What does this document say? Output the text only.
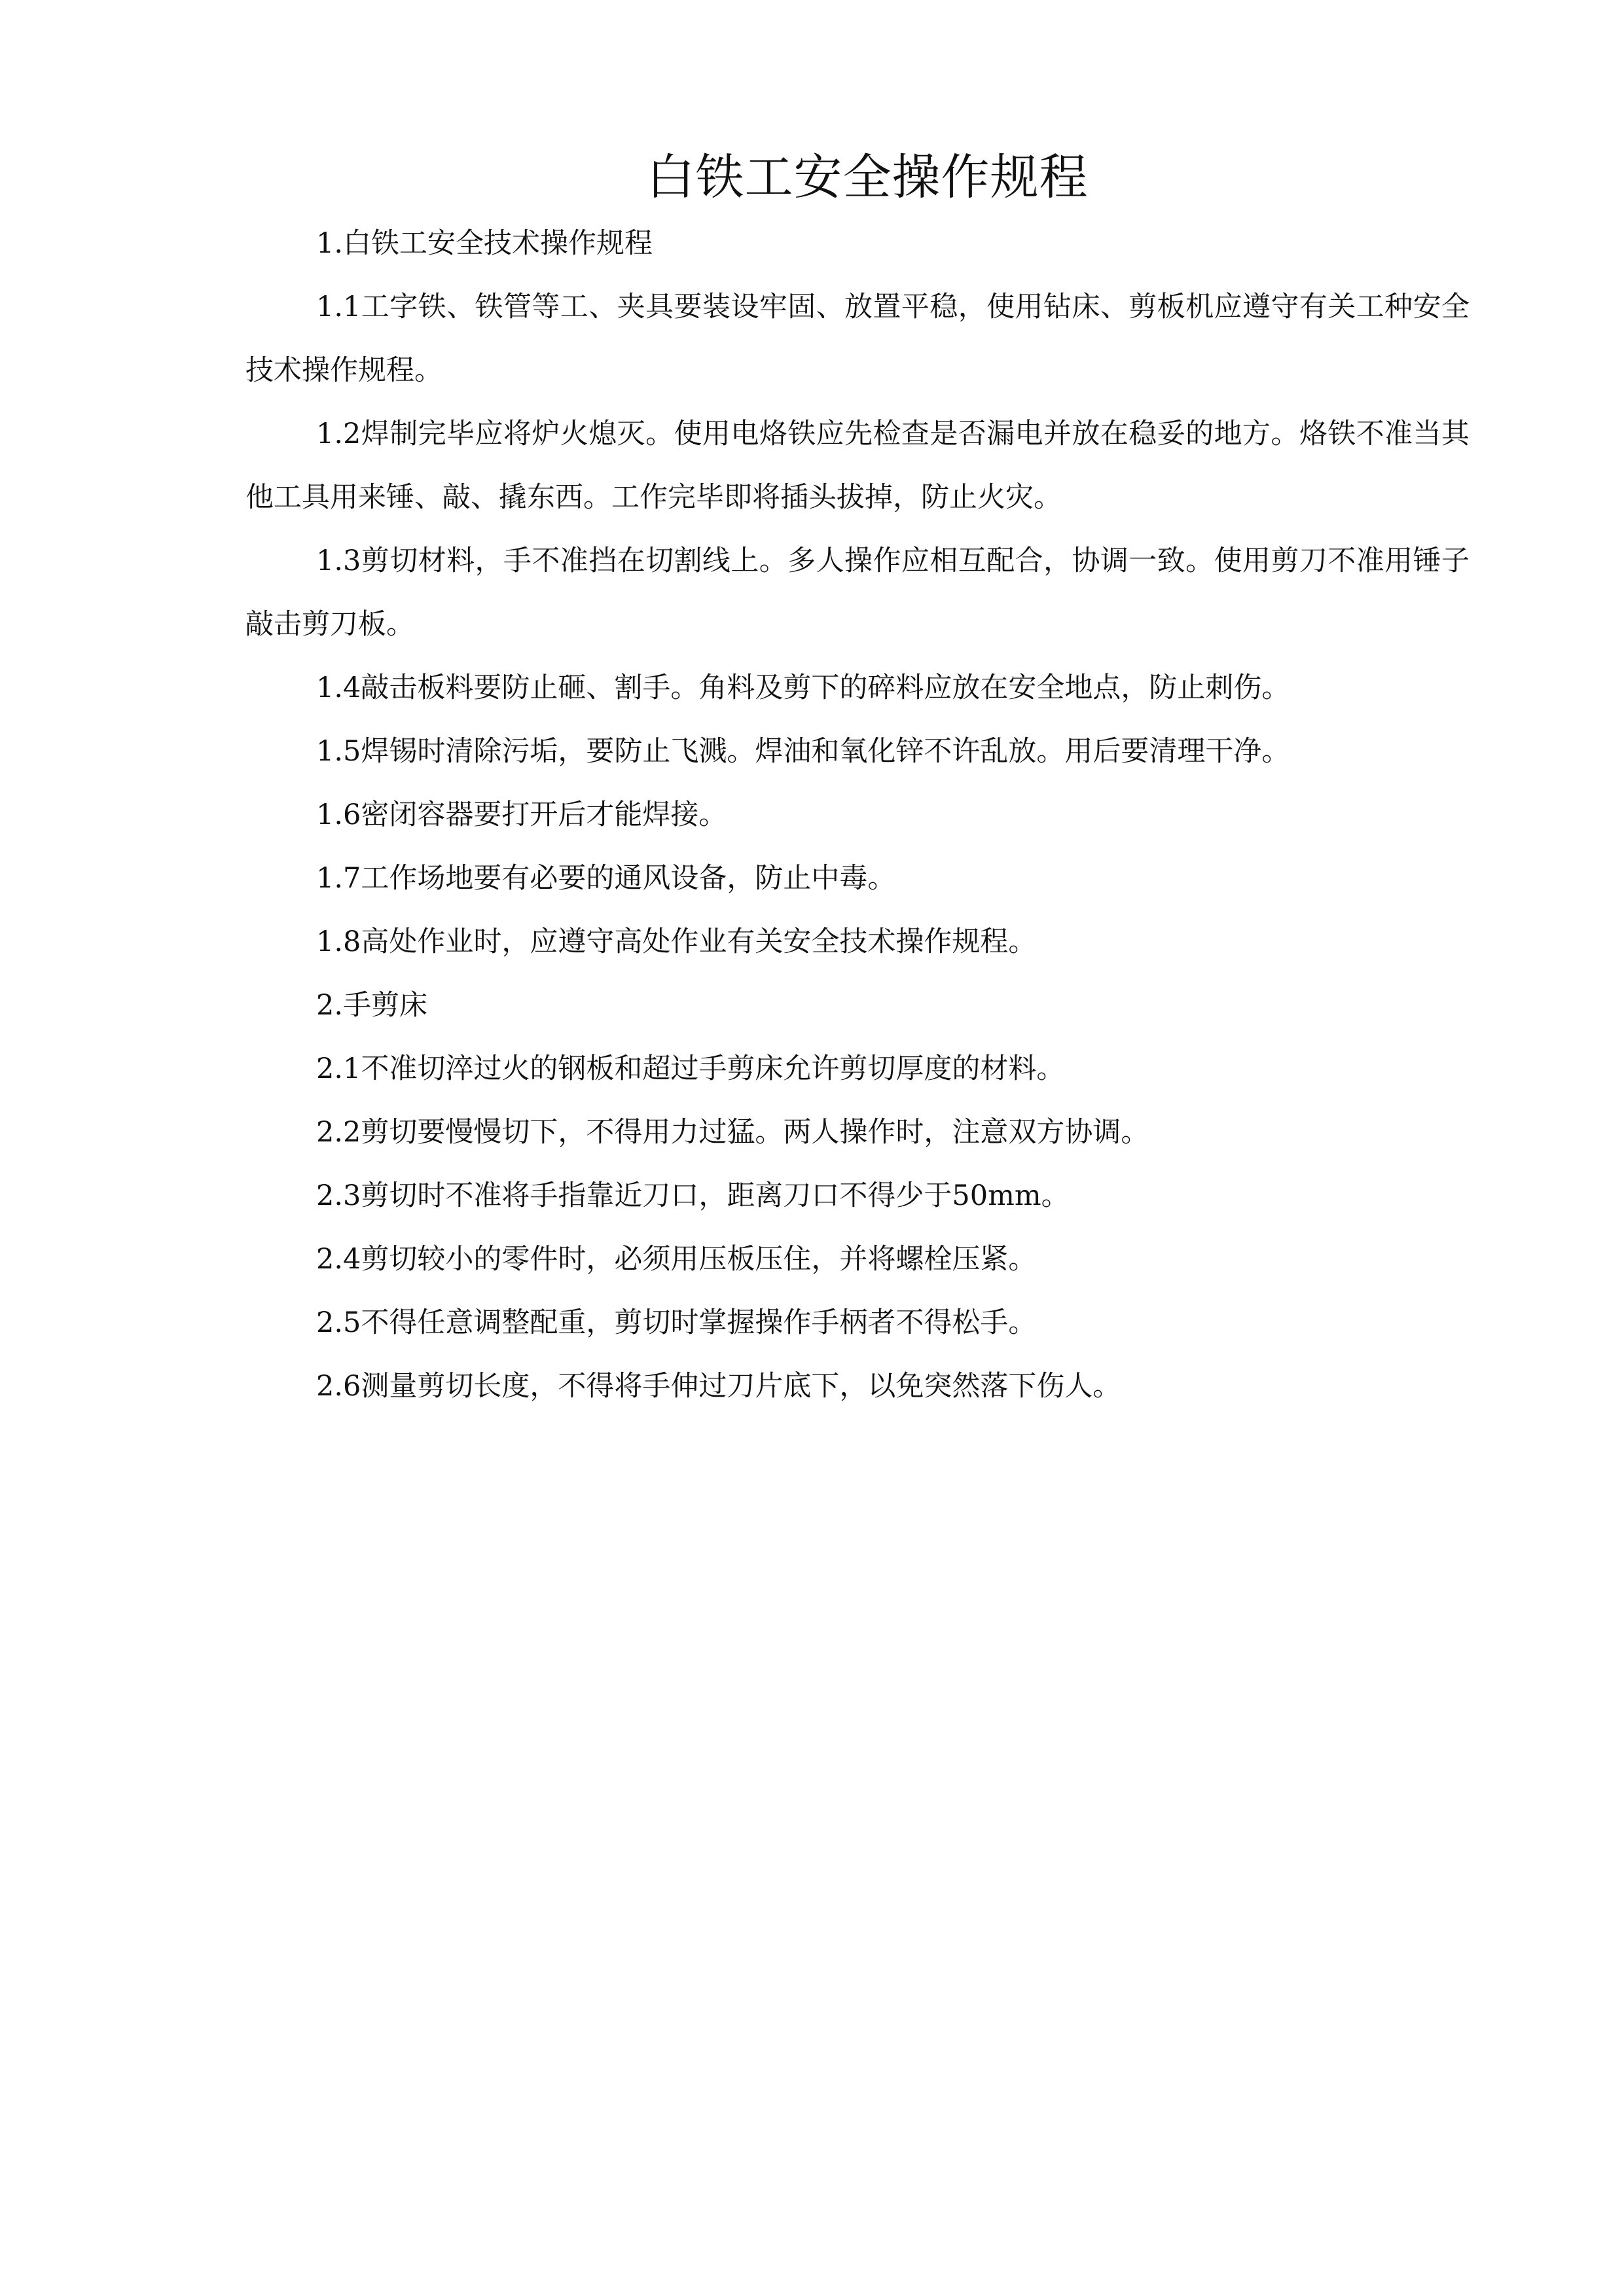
白铁工安全操作规程

1.白铁工安全技术操作规程

1.1工字铁、铁管等工、夹具要装设牢固、放置平稳，使用钻床、剪板机应遵守有关工种安全技术操作规程。

1.2焊制完毕应将炉火熄灭。使用电烙铁应先检查是否漏电并放在稳妥的地方。烙铁不准当其他工具用来锤、敲、撬东西。工作完毕即将插头拔掉，防止火灾。

1.3剪切材料，手不准挡在切割线上。多人操作应相互配合，协调一致。使用剪刀不准用锤子敲击剪刀板。

1.4敲击板料要防止砸、割手。角料及剪下的碎料应放在安全地点，防止刺伤。

1.5焊锡时清除污垢，要防止飞溅。焊油和氧化锌不许乱放。用后要清理干净。

1.6密闭容器要打开后才能焊接。

1.7工作场地要有必要的通风设备，防止中毒。

1.8高处作业时，应遵守高处作业有关安全技术操作规程。

2.手剪床

2.1不准切淬过火的钢板和超过手剪床允许剪切厚度的材料。

2.2剪切要慢慢切下，不得用力过猛。两人操作时，注意双方协调。

2.3剪切时不准将手指靠近刀口，距离刀口不得少于50mm。

2.4剪切较小的零件时，必须用压板压住，并将螺栓压紧。

2.5不得任意调整配重，剪切时掌握操作手柄者不得松手。

2.6测量剪切长度，不得将手伸过刀片底下，以免突然落下伤人。
